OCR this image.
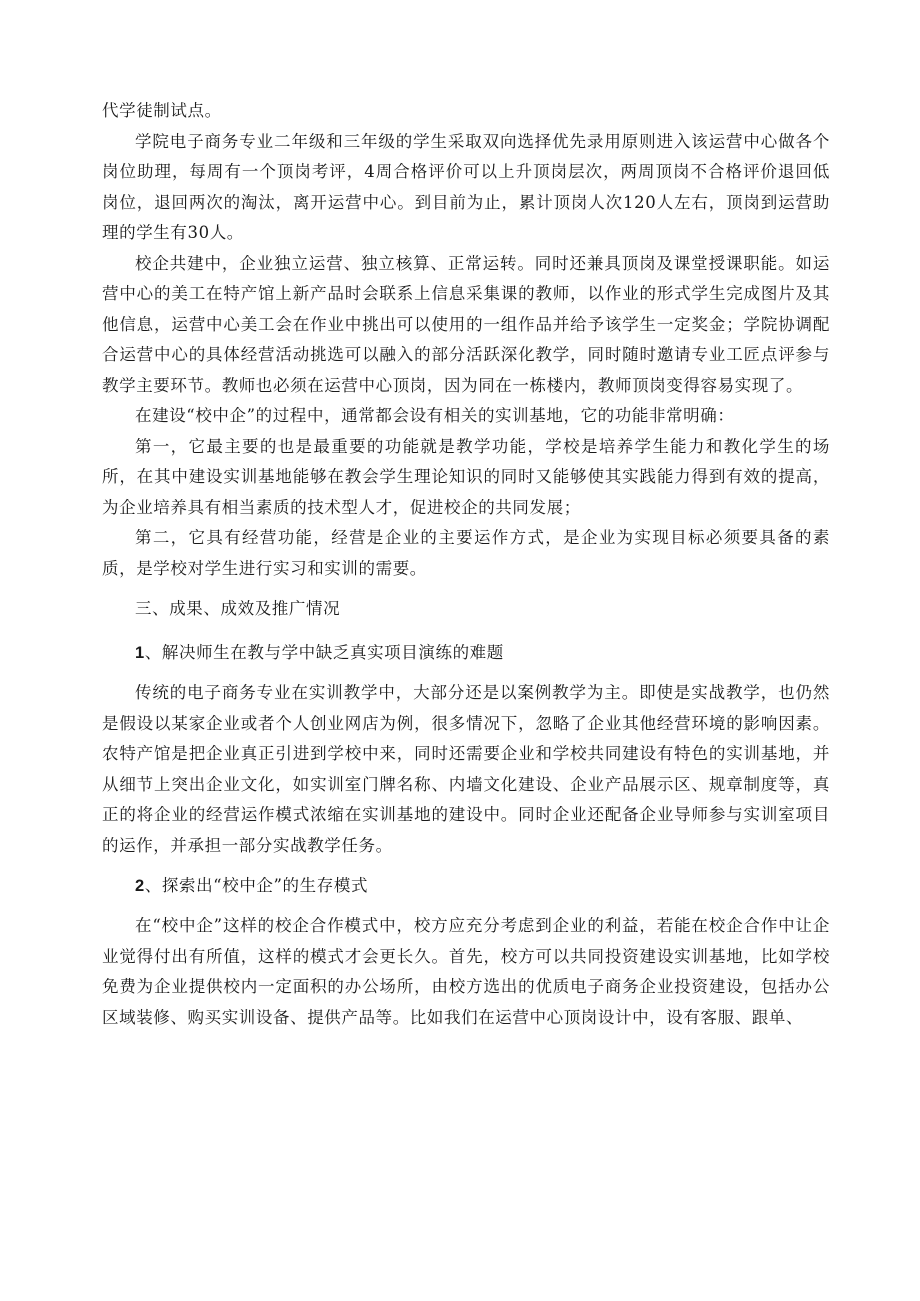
代学徒制试点。

学院电子商务专业二年级和三年级的学生采取双向选择优先录用原则进入该运营中心做各个岗位助理，每周有一个顶岗考评，4周合格评价可以上升顶岗层次，两周顶岗不合格评价退回低岗位，退回两次的淘汰，离开运营中心。到目前为止，累计顶岗人次120人左右，顶岗到运营助理的学生有30人。

校企共建中，企业独立运营、独立核算、正常运转。同时还兼具顶岗及课堂授课职能。如运营中心的美工在特产馆上新产品时会联系上信息采集课的教师，以作业的形式学生完成图片及其他信息，运营中心美工会在作业中挑出可以使用的一组作品并给予该学生一定奖金；学院协调配合运营中心的具体经营活动挑选可以融入的部分活跃深化教学，同时随时邀请专业工匠点评参与教学主要环节。教师也必须在运营中心顶岗，因为同在一栋楼内，教师顶岗变得容易实现了。

在建设“校中企”的过程中，通常都会设有相关的实训基地，它的功能非常明确：

第一，它最主要的也是最重要的功能就是教学功能，学校是培养学生能力和教化学生的场所，在其中建设实训基地能够在教会学生理论知识的同时又能够使其实践能力得到有效的提高，为企业培养具有相当素质的技术型人才，促进校企的共同发展；

第二，它具有经营功能，经营是企业的主要运作方式，是企业为实现目标必须要具备的素质，是学校对学生进行实习和实训的需要。

三、成果、成效及推广情况

1、解决师生在教与学中缺乏真实项目演练的难题

传统的电子商务专业在实训教学中，大部分还是以案例教学为主。即使是实战教学，也仍然是假设以某家企业或者个人创业网店为例，很多情况下，忽略了企业其他经营环境的影响因素。农特产馆是把企业真正引进到学校中来，同时还需要企业和学校共同建设有特色的实训基地，并从细节上突出企业文化，如实训室门牌名称、内墙文化建设、企业产品展示区、规章制度等，真正的将企业的经营运作模式浓缩在实训基地的建设中。同时企业还配备企业导师参与实训室项目的运作，并承担一部分实战教学任务。

2、探索出“校中企”的生存模式

在“校中企”这样的校企合作模式中，校方应充分考虑到企业的利益，若能在校企合作中让企业觉得付出有所值，这样的模式才会更长久。首先，校方可以共同投资建设实训基地，比如学校免费为企业提供校内一定面积的办公场所，由校方选出的优质电子商务企业投资建设，包括办公区域装修、购买实训设备、提供产品等。比如我们在运营中心顶岗设计中，设有客服、跟单、
